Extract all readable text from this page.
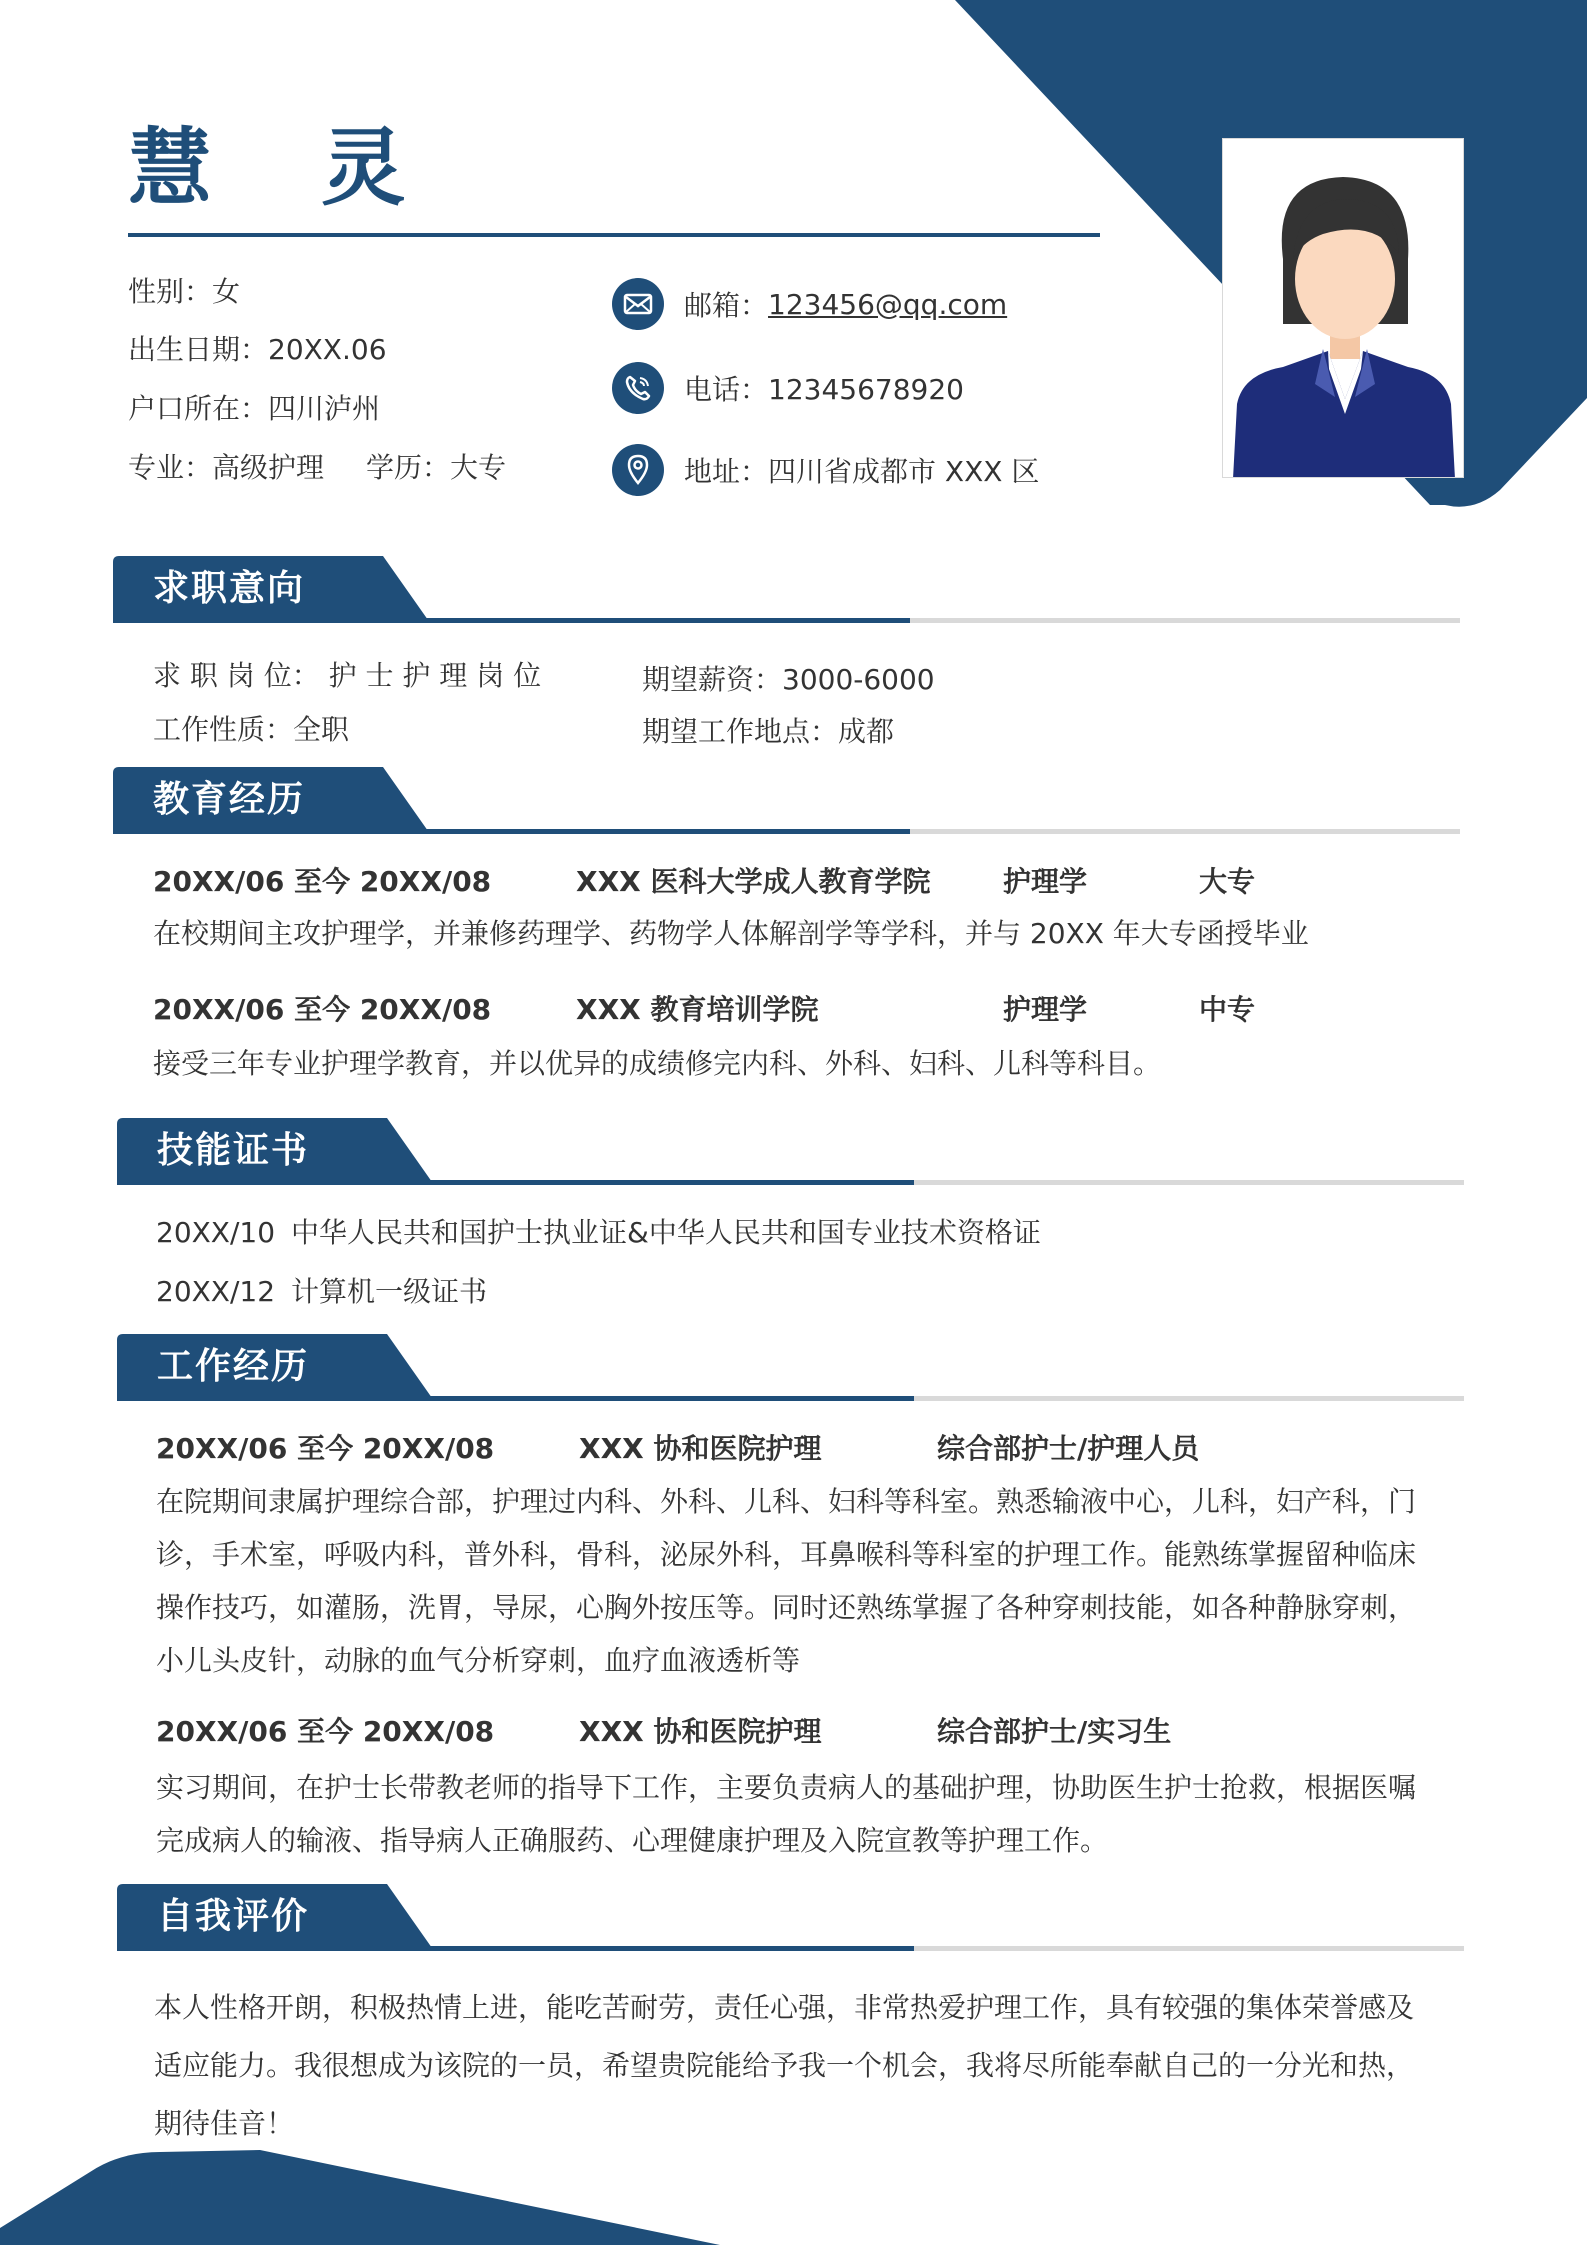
慧 灵
性别：女
出生日期：20XX.06
户口所在：四川泸州
专业：高级护理 学历：大专
邮箱： 123456@qq.com
电话：12345678920
地址：四川省成都市 XXX 区
求职意向
求 职 岗 位： 护 士 护 理 岗 位	期望薪资：3000-6000
工作性质：全职	期望工作地点：成都
教育经历
20XX/06 至今 20XX/08	XXX 医科大学成人教育学院	护理学	大专
在校期间主攻护理学，并兼修药理学、药物学人体解剖学等学科，并与 20XX 年大专函授毕业
20XX/06 至今 20XX/08	XXX 教育培训学院	护理学	中专
接受三年专业护理学教育，并以优异的成绩修完内科、外科、妇科、儿科等科目。
技能证书
20XX/10 中华人民共和国护士执业证&中华人民共和国专业技术资格证
20XX/12 计算机一级证书
工作经历
20XX/06 至今 20XX/08	XXX 协和医院护理	综合部护士/护理人员
在院期间隶属护理综合部，护理过内科、外科、儿科、妇科等科室。熟悉输液中心，儿科，妇产科，门诊，手术室，呼吸内科，普外科，骨科，泌尿外科，耳鼻喉科等科室的护理工作。能熟练掌握留种临床操作技巧，如灌肠，洗胃，导尿，心胸外按压等。同时还熟练掌握了各种穿刺技能，如各种静脉穿刺，小儿头皮针，动脉的血气分析穿刺，血疗血液透析等
20XX/06 至今 20XX/08	XXX 协和医院护理	综合部护士/实习生
实习期间，在护士长带教老师的指导下工作，主要负责病人的基础护理，协助医生护士抢救，根据医嘱完成病人的输液、指导病人正确服药、心理健康护理及入院宣教等护理工作。
自我评价
本人性格开朗，积极热情上进，能吃苦耐劳，责任心强，非常热爱护理工作，具有较强的集体荣誉感及适应能力。我很想成为该院的一员，希望贵院能给予我一个机会，我将尽所能奉献自己的一分光和热，期待佳音！
